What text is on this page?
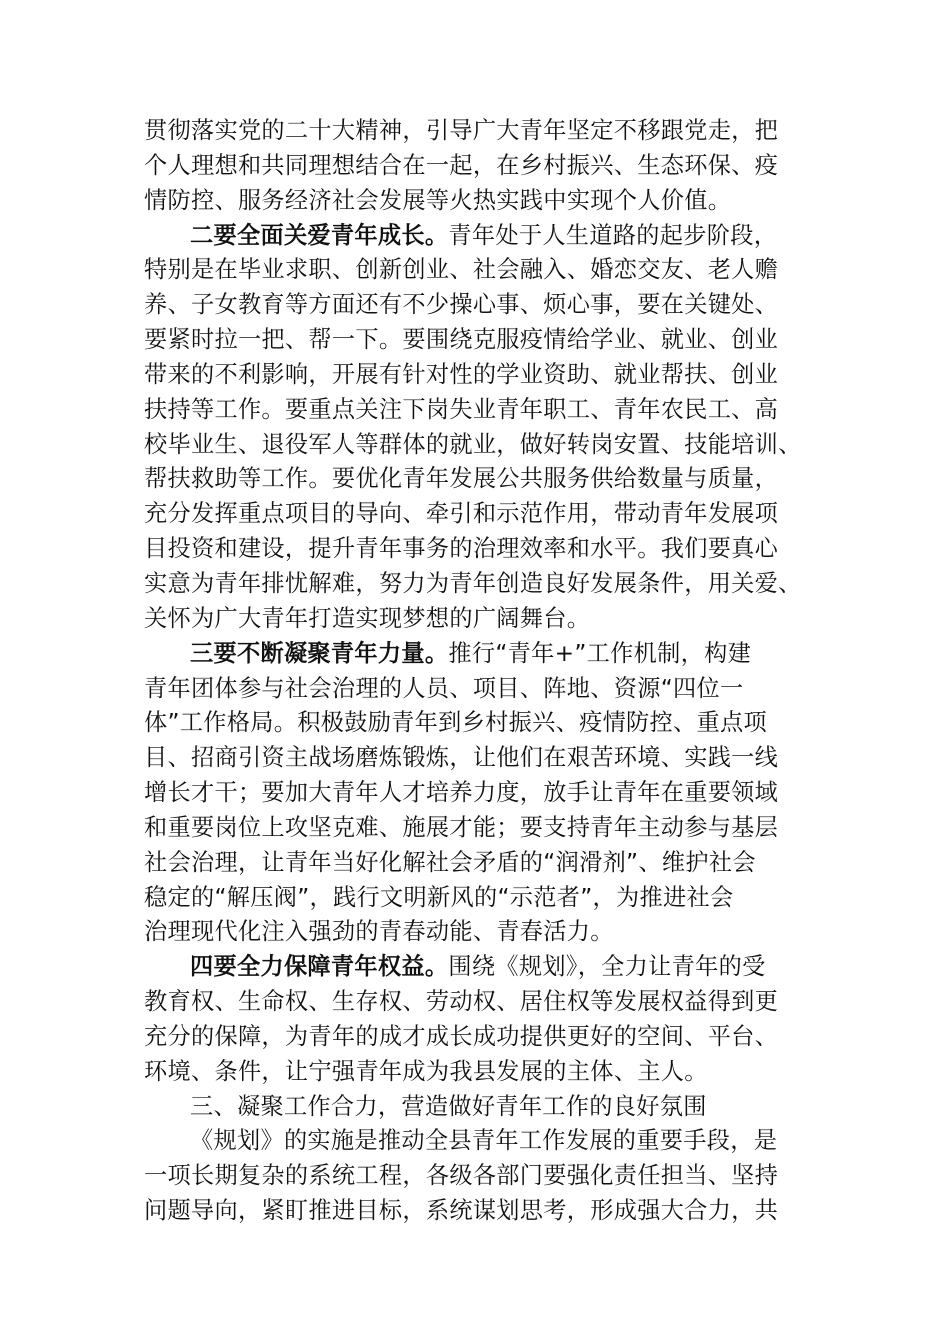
贯彻落实党的二十大精神，引导广大青年坚定不移跟党走，把
个人理想和共同理想结合在一起，在乡村振兴、生态环保、疫
情防控、服务经济社会发展等火热实践中实现个人价值。
二要全面关爱青年成长。青年处于人生道路的起步阶段，
特别是在毕业求职、创新创业、社会融入、婚恋交友、老人赡
养、子女教育等方面还有不少操心事、烦心事，要在关键处、
要紧时拉一把、帮一下。要围绕克服疫情给学业、就业、创业
带来的不利影响，开展有针对性的学业资助、就业帮扶、创业
扶持等工作。要重点关注下岗失业青年职工、青年农民工、高
校毕业生、退役军人等群体的就业，做好转岗安置、技能培训、
帮扶救助等工作。要优化青年发展公共服务供给数量与质量，
充分发挥重点项目的导向、牵引和示范作用，带动青年发展项
目投资和建设，提升青年事务的治理效率和水平。我们要真心
实意为青年排忧解难，努力为青年创造良好发展条件，用关爱、
关怀为广大青年打造实现梦想的广阔舞台。
三要不断凝聚青年力量。推行“青年+”工作机制，构建
青年团体参与社会治理的人员、项目、阵地、资源“四位一
体”工作格局。积极鼓励青年到乡村振兴、疫情防控、重点项
目、招商引资主战场磨炼锻炼，让他们在艰苦环境、实践一线
增长才干；要加大青年人才培养力度，放手让青年在重要领域
和重要岗位上攻坚克难、施展才能；要支持青年主动参与基层
社会治理，让青年当好化解社会矛盾的“润滑剂”、维护社会
稳定的“解压阀”，践行文明新风的“示范者”，为推进社会
治理现代化注入强劲的青春动能、青春活力。
四要全力保障青年权益。围绕《规划》，全力让青年的受
教育权、生命权、生存权、劳动权、居住权等发展权益得到更
充分的保障，为青年的成才成长成功提供更好的空间、平台、
环境、条件，让宁强青年成为我县发展的主体、主人。
三、凝聚工作合力，营造做好青年工作的良好氛围
《规划》的实施是推动全县青年工作发展的重要手段，是
一项长期复杂的系统工程，各级各部门要强化责任担当、坚持
问题导向，紧盯推进目标，系统谋划思考，形成强大合力，共
